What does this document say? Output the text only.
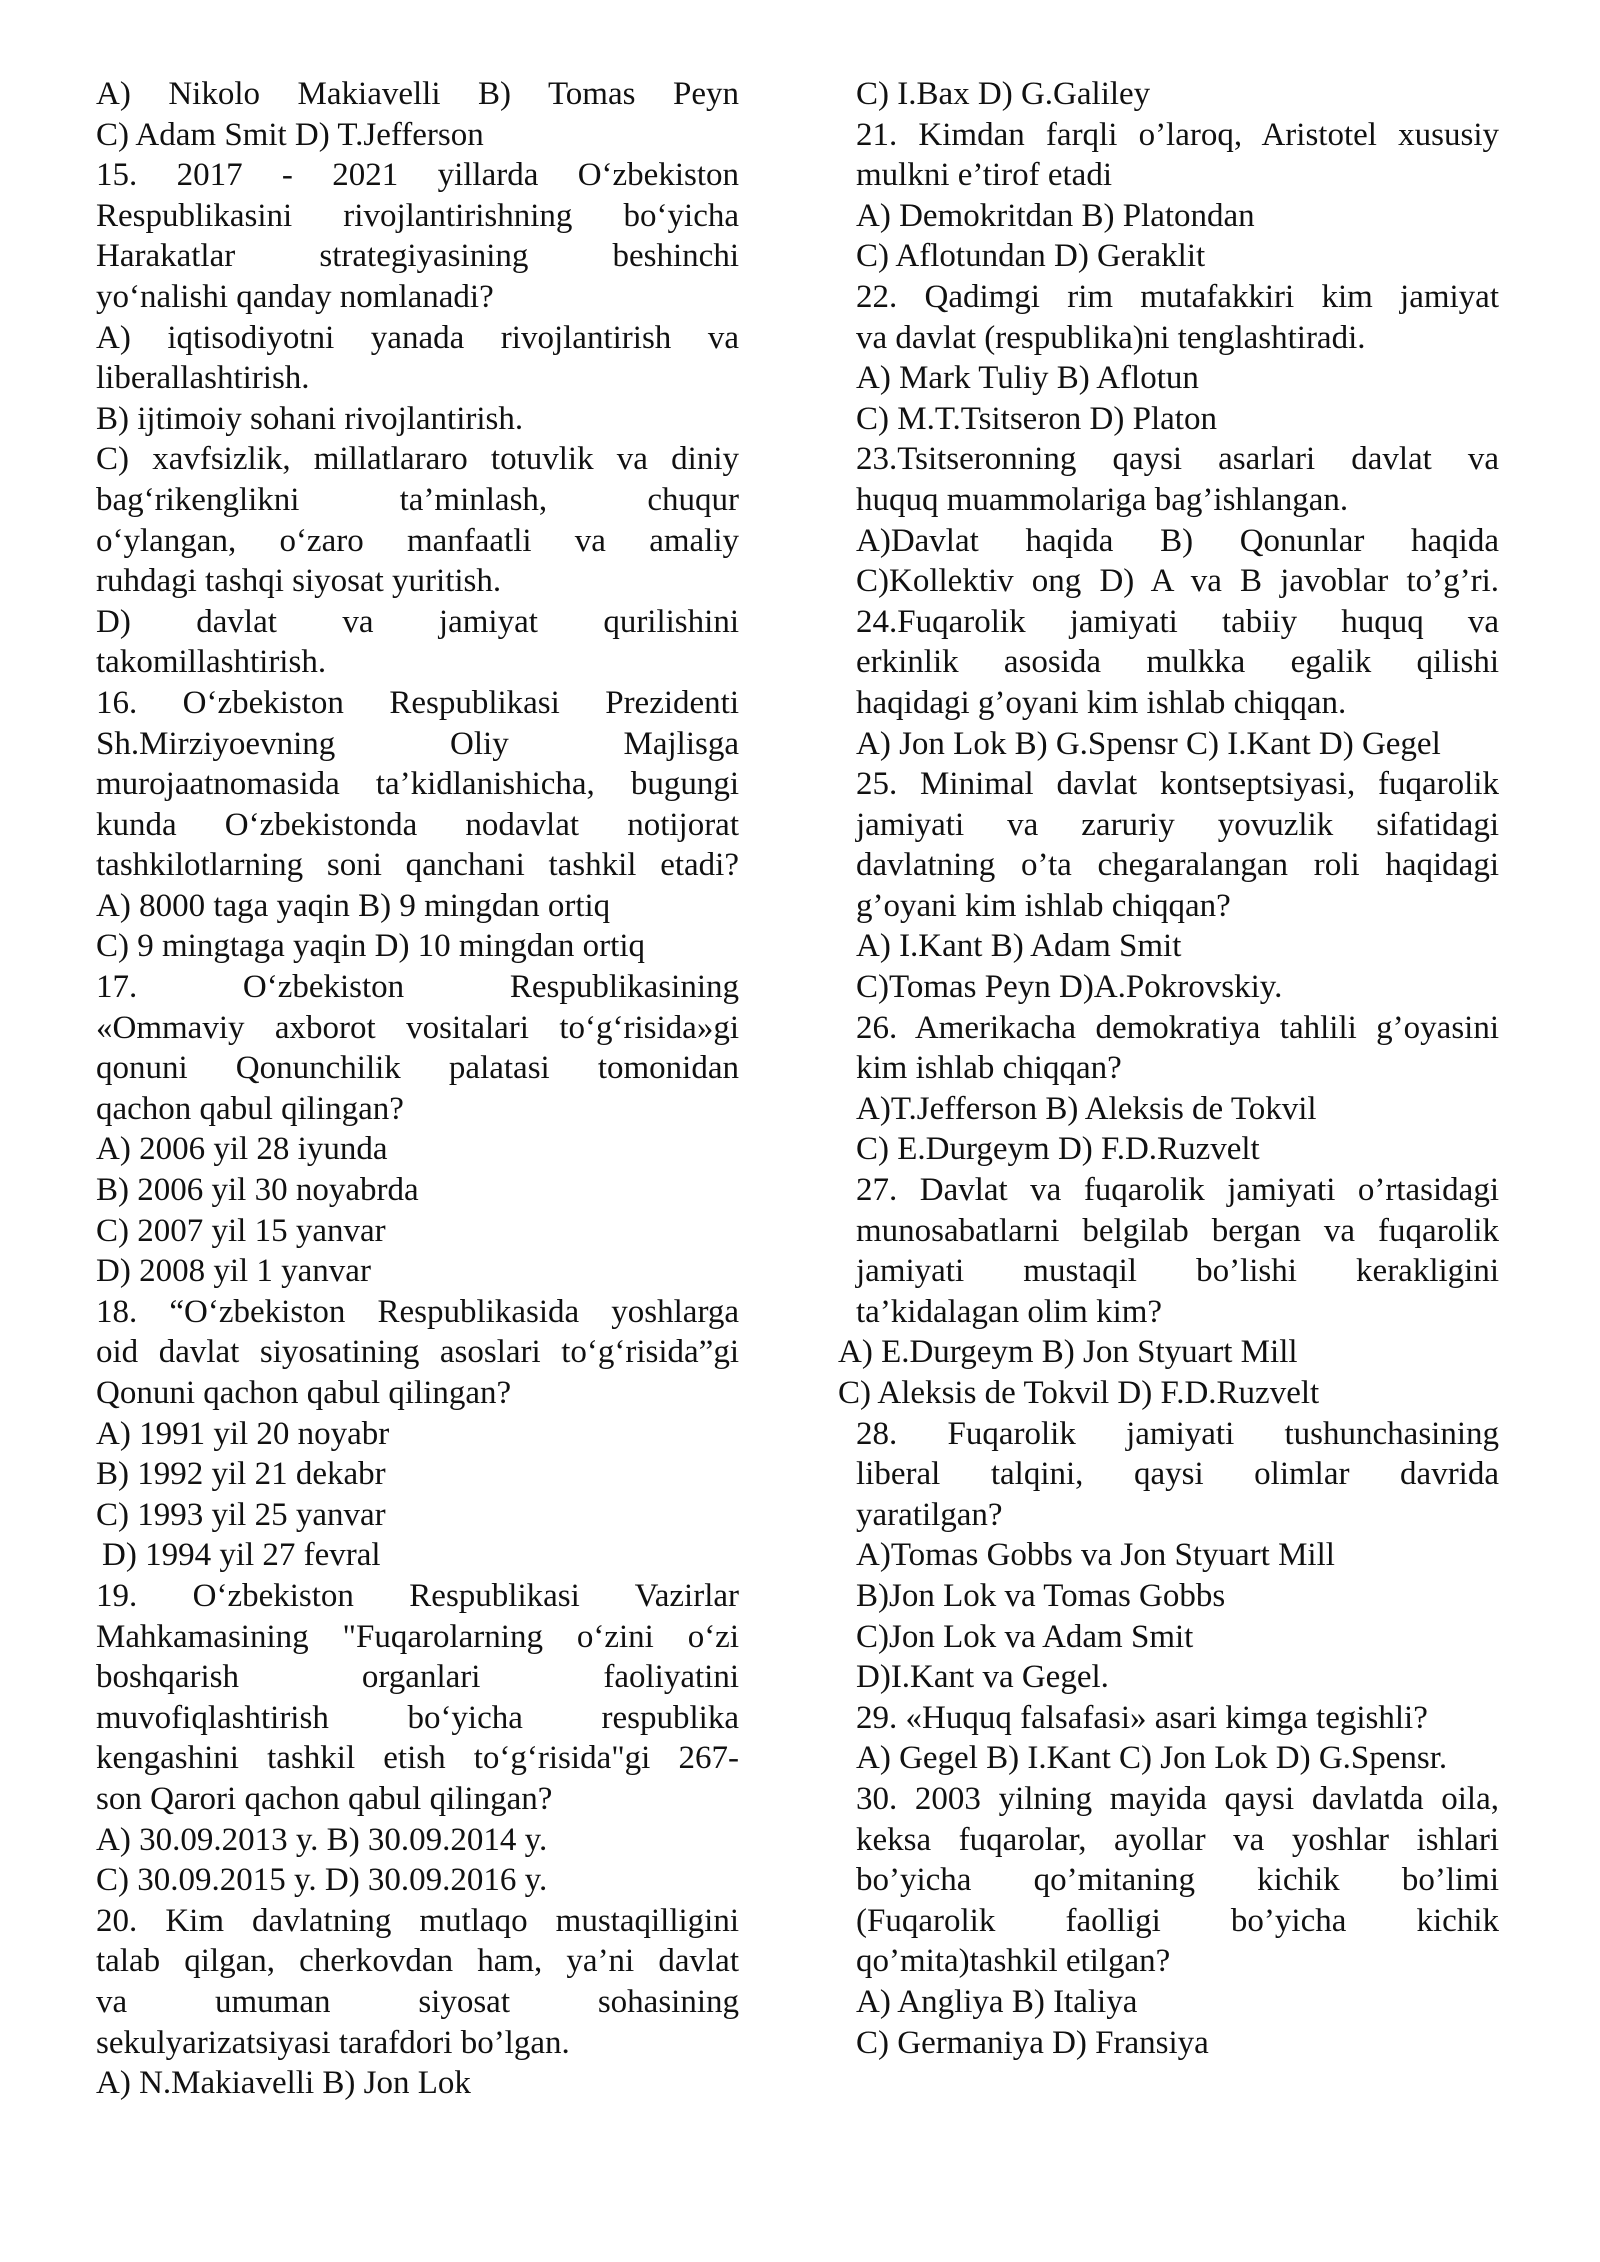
A) Nikolo Makiavelli B) Tomas Peyn
C) Adam Smit D) T.Jefferson
15. 2017 - 2021 yillarda O‘zbekiston
Respublikasini rivojlantirishning bo‘yicha
Harakatlar strategiyasining beshinchi
yo‘nalishi qanday nomlanadi?
A) iqtisodiyotni yanada rivojlantirish va
liberallashtirish.
B) ijtimoiy sohani rivojlantirish.
C) xavfsizlik, millatlararo totuvlik va diniy
bag‘rikenglikni ta’minlash, chuqur
o‘ylangan, o‘zaro manfaatli va amaliy
ruhdagi tashqi siyosat yuritish.
D) davlat va jamiyat qurilishini
takomillashtirish.
16. O‘zbekiston Respublikasi Prezidenti
Sh.Mirziyoevning Oliy Majlisga
murojaatnomasida ta’kidlanishicha, bugungi
kunda O‘zbekistonda nodavlat notijorat
tashkilotlarning soni qanchani tashkil etadi?
A) 8000 taga yaqin B) 9 mingdan ortiq
C) 9 mingtaga yaqin D) 10 mingdan ortiq
17. O‘zbekiston Respublikasining
«Ommaviy axborot vositalari to‘g‘risida»gi
qonuni Qonunchilik palatasi tomonidan
qachon qabul qilingan?
A) 2006 yil 28 iyunda
B) 2006 yil 30 noyabrda
C) 2007 yil 15 yanvar
D) 2008 yil 1 yanvar
18. “O‘zbekiston Respublikasida yoshlarga
oid davlat siyosatining asoslari to‘g‘risida”gi
Qonuni qachon qabul qilingan?
A) 1991 yil 20 noyabr
B) 1992 yil 21 dekabr
C) 1993 yil 25 yanvar
D) 1994 yil 27 fevral
19. O‘zbekiston Respublikasi Vazirlar
Mahkamasining "Fuqarolarning o‘zini o‘zi
boshqarish organlari faoliyatini
muvofiqlashtirish bo‘yicha respublika
kengashini tashkil etish to‘g‘risida"gi 267-
son Qarori qachon qabul qilingan?
A) 30.09.2013 y. B) 30.09.2014 y.
C) 30.09.2015 y. D) 30.09.2016 y.
20. Kim davlatning mutlaqo mustaqilligini
talab qilgan, cherkovdan ham, ya’ni davlat
va umuman siyosat sohasining
sekulyarizatsiyasi tarafdori bo’lgan.
A) N.Makiavelli B) Jon Lok
C) I.Bax D) G.Galiley
21. Kimdan farqli o’laroq, Aristotel xususiy
mulkni e’tirof etadi
A) Demokritdan B) Platondan
C) Aflotundan D) Geraklit
22. Qadimgi rim mutafakkiri kim jamiyat
va davlat (respublika)ni tenglashtiradi.
A) Mark Tuliy B) Aflotun
C) M.T.Tsitseron D) Platon
23.Tsitseronning qaysi asarlari davlat va
huquq muammolariga bag’ishlangan.
A)Davlat haqida B) Qonunlar haqida
C)Kollektiv ong D) A va B javoblar to’g’ri.
24.Fuqarolik jamiyati tabiiy huquq va
erkinlik asosida mulkka egalik qilishi
haqidagi g’oyani kim ishlab chiqqan.
A) Jon Lok B) G.Spensr C) I.Kant D) Gegel
25. Minimal davlat kontseptsiyasi, fuqarolik
jamiyati va zaruriy yovuzlik sifatidagi
davlatning o’ta chegaralangan roli haqidagi
g’oyani kim ishlab chiqqan?
A) I.Kant B) Adam Smit
C)Tomas Peyn D)A.Pokrovskiy.
26. Amerikacha demokratiya tahlili g’oyasini
kim ishlab chiqqan?
A)T.Jefferson B) Aleksis de Tokvil
C) E.Durgeym D) F.D.Ruzvelt
27. Davlat va fuqarolik jamiyati o’rtasidagi
munosabatlarni belgilab bergan va fuqarolik
jamiyati mustaqil bo’lishi kerakligini
ta’kidalagan olim kim?
A) E.Durgeym B) Jon Styuart Mill
C) Aleksis de Tokvil D) F.D.Ruzvelt
28. Fuqarolik jamiyati tushunchasining
liberal talqini, qaysi olimlar davrida
yaratilgan?
A)Tomas Gobbs va Jon Styuart Mill
B)Jon Lok va Tomas Gobbs
C)Jon Lok va Adam Smit
D)I.Kant va Gegel.
29. «Huquq falsafasi» asari kimga tegishli?
A) Gegel B) I.Kant C) Jon Lok D) G.Spensr.
30. 2003 yilning mayida qaysi davlatda oila,
keksa fuqarolar, ayollar va yoshlar ishlari
bo’yicha qo’mitaning kichik bo’limi
(Fuqarolik faolligi bo’yicha kichik
qo’mita)tashkil etilgan?
A) Angliya B) Italiya
C) Germaniya D) Fransiya
